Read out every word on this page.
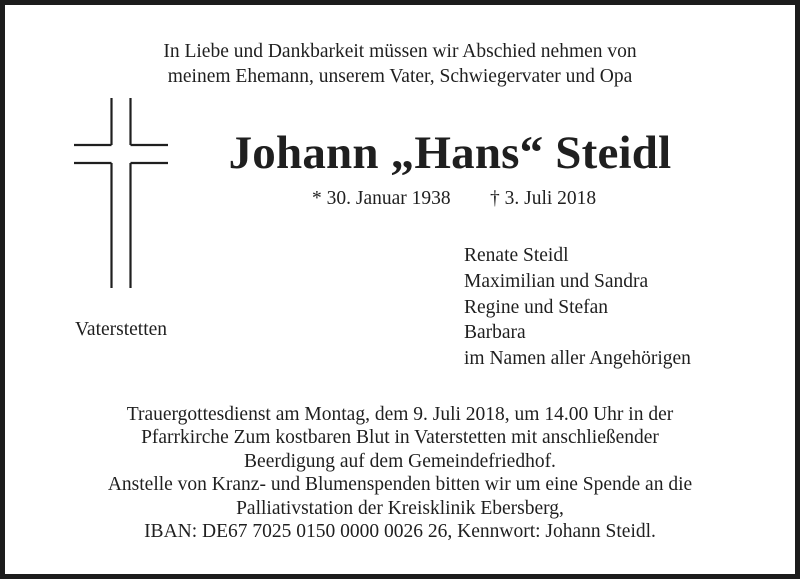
In Liebe und Dankbarkeit müssen wir Abschied nehmen von
meinem Ehemann, unserem Vater, Schwiegervater und Opa
Johann „Hans“ Steidl
* 30. Januar 1938 † 3. Juli 2018
Vaterstetten
Renate Steidl
Maximilian und Sandra
Regine und Stefan
Barbara
im Namen aller Angehörigen
Trauergottesdienst am Montag, dem 9. Juli 2018, um 14.00 Uhr in der
Pfarrkirche Zum kostbaren Blut in Vaterstetten mit anschließender
Beerdigung auf dem Gemeindefriedhof.
Anstelle von Kranz- und Blumenspenden bitten wir um eine Spende an die
Palliativstation der Kreisklinik Ebersberg,
IBAN: DE67 7025 0150 0000 0026 26, Kennwort: Johann Steidl.
